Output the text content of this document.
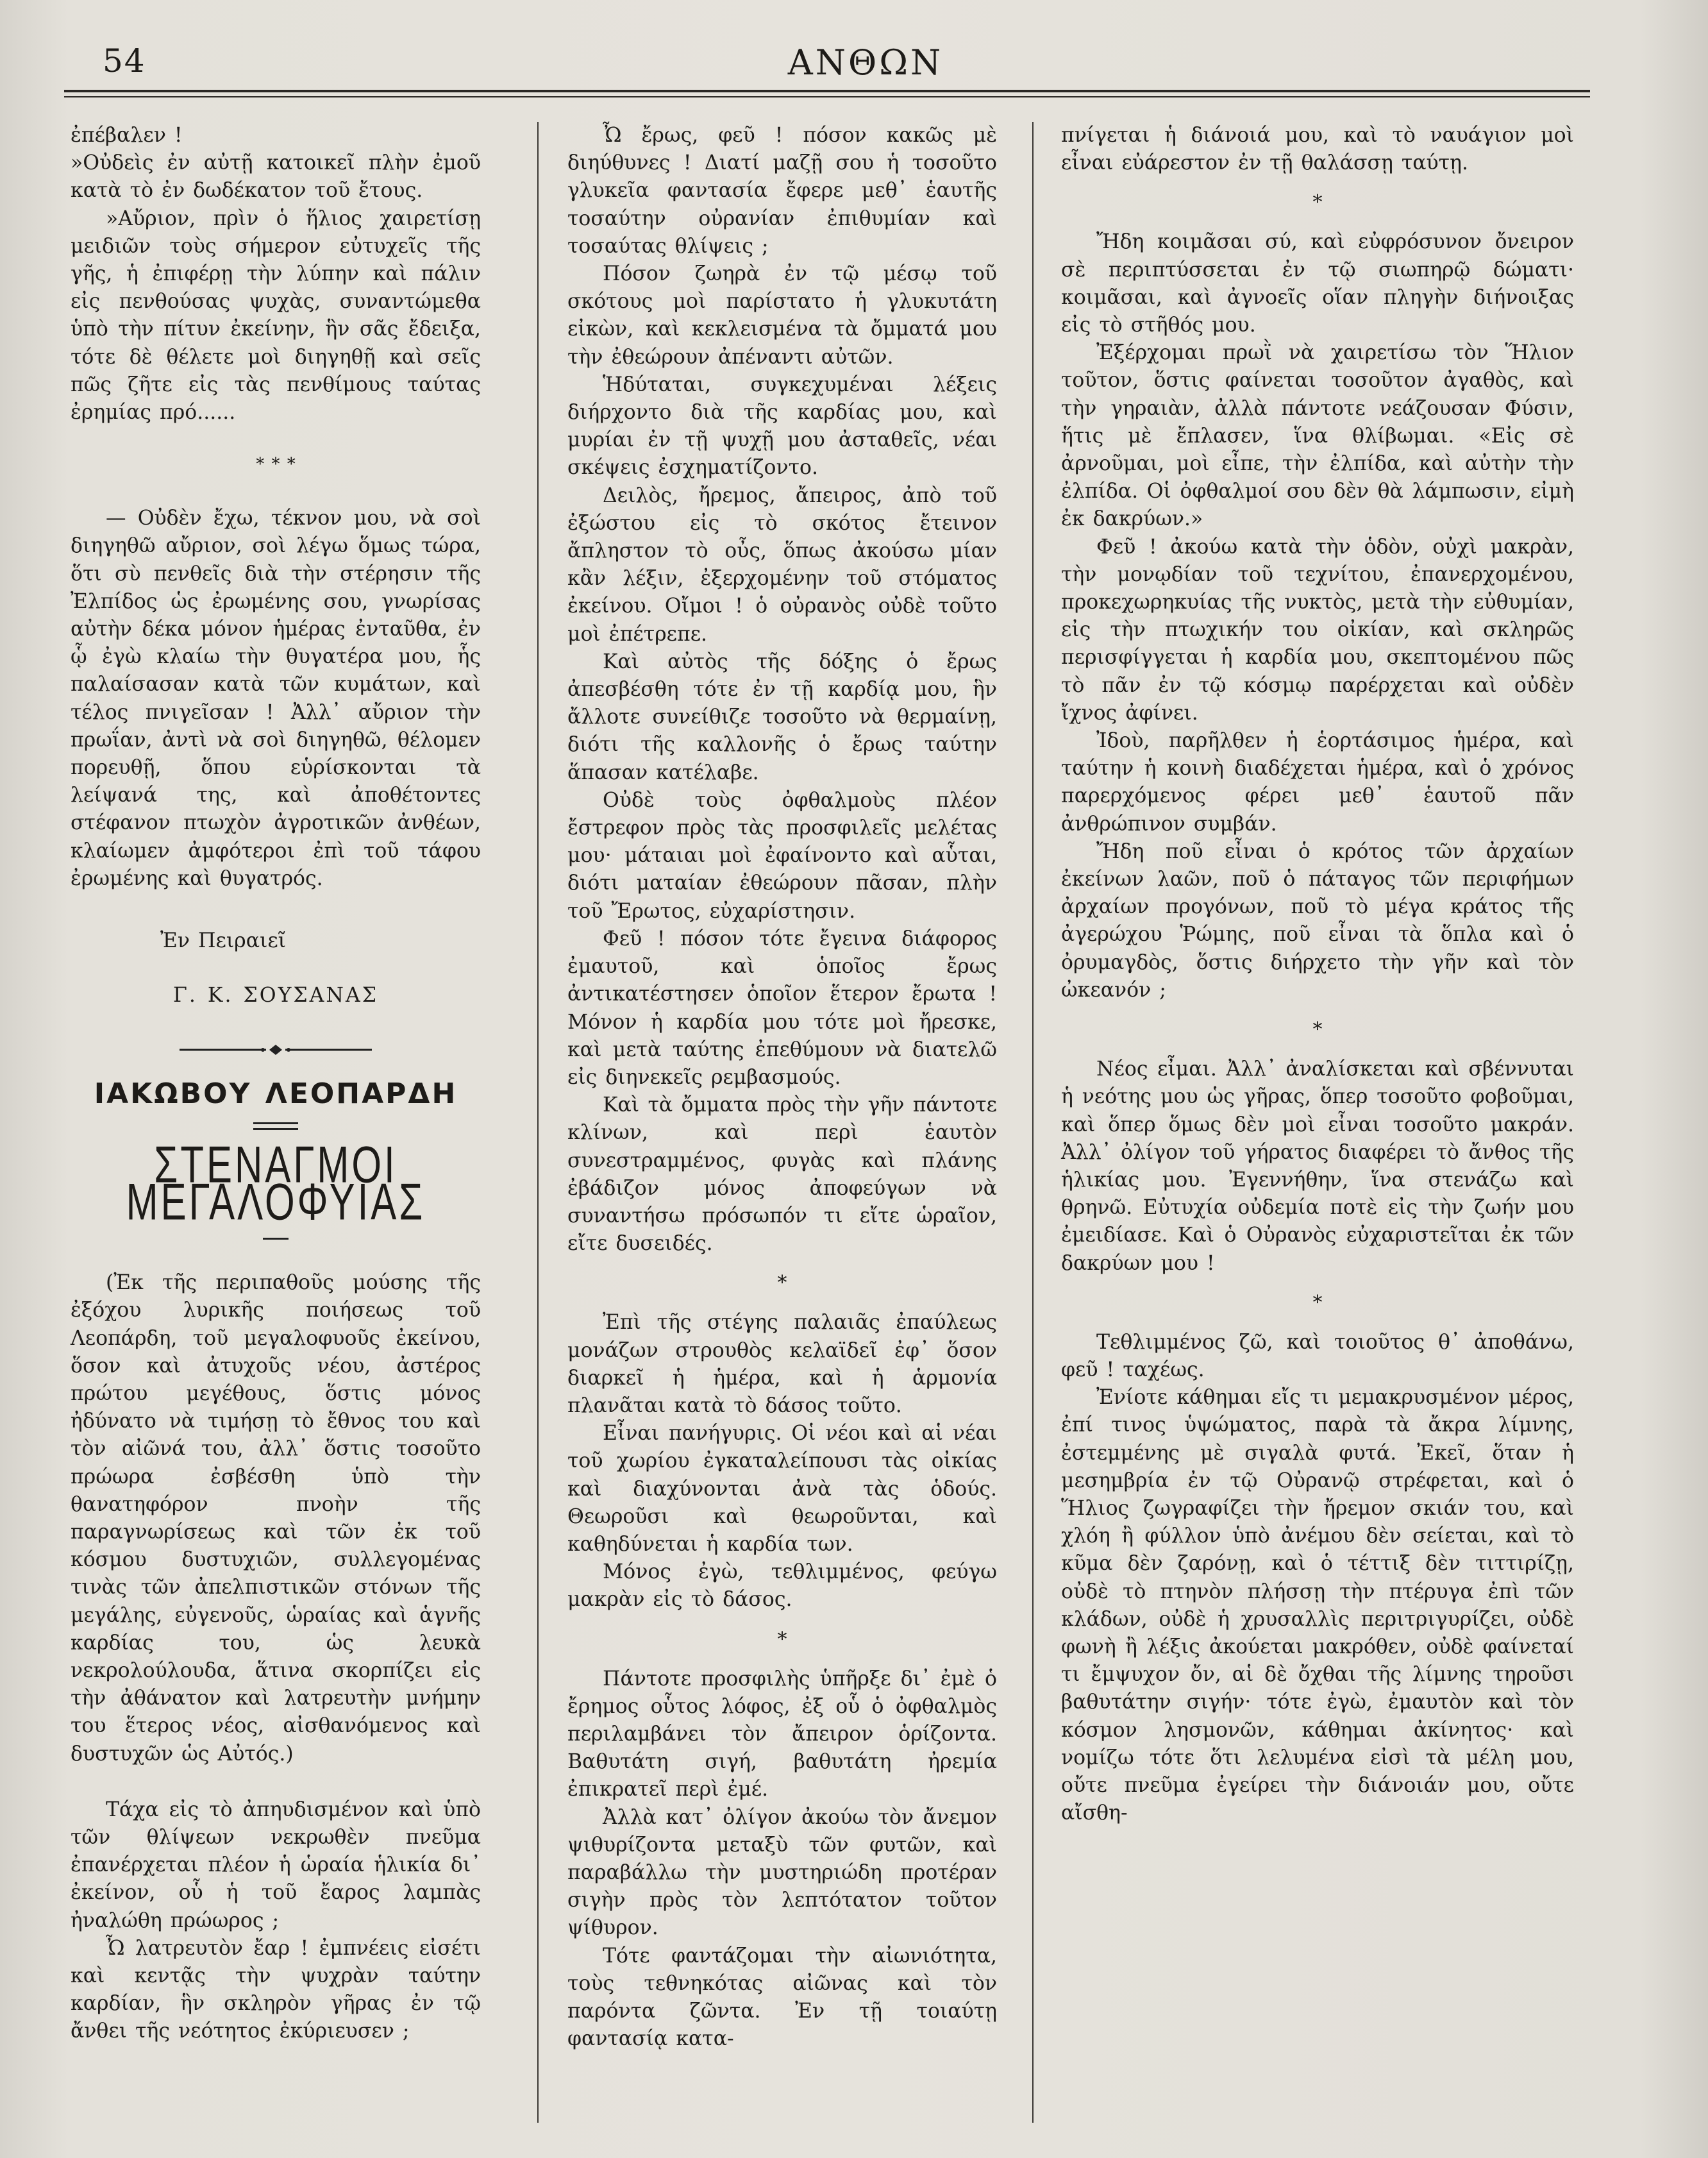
54	ΑΝΘΩΝ

ἐπέβαλεν !

»Οὐδεὶς ἐν αὐτῇ κατοικεῖ πλὴν ἐμοῦ κατὰ τὸ ἐν δωδέκατον τοῦ ἔτους.

»Αὔριον, πρὶν ὁ ἥλιος χαιρετίσῃ μειδιῶν τοὺς σήμερον εὐτυχεῖς τῆς γῆς, ἡ ἐπιφέρῃ τὴν λύπην καὶ πάλιν εἰς πενθούσας ψυχὰς, συναντώμεθα ὑπὸ τὴν πίτυν ἐκείνην, ἣν σᾶς ἔδειξα, τότε δὲ θέλετε μοὶ διηγηθῇ καὶ σεῖς πῶς ζῆτε εἰς τὰς πενθίμους ταύτας ἐρημίας πρό......

* * *

— Οὐδὲν ἔχω, τέκνον μου, νὰ σοὶ διηγηθῶ αὔριον, σοὶ λέγω ὅμως τώρα, ὅτι σὺ πενθεῖς διὰ τὴν στέρησιν τῆς Ἐλπίδος ὡς ἐρωμένης σου, γνωρίσας αὐτὴν δέκα μόνον ἡμέρας ἐνταῦθα, ἐν ᾧ ἐγὼ κλαίω τὴν θυγατέρα μου, ἧς παλαίσασαν κατὰ τῶν κυμάτων, καὶ τέλος πνιγεῖσαν ! Ἀλλ᾽ αὔριον τὴν πρωΐαν, ἀντὶ νὰ σοὶ διηγηθῶ, θέλομεν πορευθῇ, ὅπου εὑρίσκονται τὰ λείψανά της, καὶ ἀποθέτοντες στέφανον πτωχὸν ἀγροτικῶν ἀνθέων, κλαίωμεν ἀμφότεροι ἐπὶ τοῦ τάφου ἐρωμένης καὶ θυγατρός.

Ἐν Πειραιεῖ

Γ. Κ. ΣΟΥΣΑΝΑΣ

ΙΑΚΩΒΟΥ ΛΕΟΠΑΡΔΗ
ΣΤΕΝΑΓΜΟΙ ΜΕΓΑΛΟΦΥΙΑΣ

(Ἐκ τῆς περιπαθοῦς μούσης τῆς ἐξόχου λυρικῆς ποιήσεως τοῦ Λεοπάρδη, τοῦ μεγαλοφυοῦς ἐκείνου, ὅσον καὶ ἀτυχοῦς νέου, ἀστέρος πρώτου μεγέθους, ὅστις μόνος ἠδύνατο νὰ τιμήσῃ τὸ ἔθνος του καὶ τὸν αἰῶνά του, ἀλλ᾽ ὅστις τοσοῦτο πρώωρα ἐσβέσθη ὑπὸ τὴν θανατηφόρον πνοὴν τῆς παραγνωρίσεως καὶ τῶν ἐκ τοῦ κόσμου δυστυχιῶν, συλλεγομένας τινὰς τῶν ἀπελπιστικῶν στόνων τῆς μεγάλης, εὐγενοῦς, ὡραίας καὶ ἁγνῆς καρδίας του, ὡς λευκὰ νεκρολούλουδα, ἅτινα σκορπίζει εἰς τὴν ἀθάνατον καὶ λατρευτὴν μνήμην του ἕτερος νέος, αἰσθανόμενος καὶ δυστυχῶν ὡς Αὐτός.)

Τάχα εἰς τὸ ἀπηυδισμένον καὶ ὑπὸ τῶν θλίψεων νεκρωθὲν πνεῦμα ἐπανέρχεται πλέον ἡ ὡραία ἡλικία δι᾽ ἐκείνον, οὗ ἡ τοῦ ἔαρος λαμπὰς ἠναλώθη πρώωρος ;

Ὦ λατρευτὸν ἔαρ ! ἐμπνέεις εἰσέτι καὶ κεντᾷς τὴν ψυχρὰν ταύτην καρδίαν, ἣν σκληρὸν γῆρας ἐν τῷ ἄνθει τῆς νεότητος ἐκύριευσεν ;

Ὦ ἔρως, φεῦ ! πόσον κακῶς μὲ διηύθυνες ! Διατί μαζῇ σου ἡ τοσοῦτο γλυκεῖα φαντασία ἔφερε μεθ᾽ ἑαυτῆς τοσαύτην οὐρανίαν ἐπιθυμίαν καὶ τοσαύτας θλίψεις ;

Πόσον ζωηρὰ ἐν τῷ μέσῳ τοῦ σκότους μοὶ παρίστατο ἡ γλυκυτάτη εἰκὼν, καὶ κεκλεισμένα τὰ ὄμματά μου τὴν ἐθεώρουν ἀπέναντι αὐτῶν.

Ἡδύταται, συγκεχυμέναι λέξεις διήρχοντο διὰ τῆς καρδίας μου, καὶ μυρίαι ἐν τῇ ψυχῇ μου ἀσταθεῖς, νέαι σκέψεις ἐσχηματίζοντο.

Δειλὸς, ἤρεμος, ἄπειρος, ἀπὸ τοῦ ἐξώστου εἰς τὸ σκότος ἔτεινον ἄπληστον τὸ οὖς, ὅπως ἀκούσω μίαν κἂν λέξιν, ἐξερχομένην τοῦ στόματος ἐκείνου. Οἴμοι ! ὁ οὐρανὸς οὐδὲ τοῦτο μοὶ ἐπέτρεπε.

Καὶ αὐτὸς τῆς δόξης ὁ ἔρως ἀπεσβέσθη τότε ἐν τῇ καρδίᾳ μου, ἣν ἄλλοτε συνείθιζε τοσοῦτο νὰ θερμαίνῃ, διότι τῆς καλλονῆς ὁ ἔρως ταύτην ἅπασαν κατέλαβε.

Οὐδὲ τοὺς ὀφθαλμοὺς πλέον ἔστρεφον πρὸς τὰς προσφιλεῖς μελέτας μου· μάταιαι μοὶ ἐφαίνοντο καὶ αὗται, διότι ματαίαν ἐθεώρουν πᾶσαν, πλὴν τοῦ Ἔρωτος, εὐχαρίστησιν.

Φεῦ ! πόσον τότε ἔγεινα διάφορος ἐμαυτοῦ, καὶ ὁποῖος ἔρως ἀντικατέστησεν ὁποῖον ἕτερον ἔρωτα ! Μόνον ἡ καρδία μου τότε μοὶ ἤρεσκε, καὶ μετὰ ταύτης ἐπεθύμουν νὰ διατελῶ εἰς διηνεκεῖς ρεμβασμούς.

Καὶ τὰ ὄμματα πρὸς τὴν γῆν πάντοτε κλίνων, καὶ περὶ ἑαυτὸν συνεστραμμένος, φυγὰς καὶ πλάνης ἐβάδιζον μόνος ἀποφεύγων νὰ συναντήσω πρόσωπόν τι εἴτε ὡραῖον, εἴτε δυσειδές.

*

Ἐπὶ τῆς στέγης παλαιᾶς ἐπαύλεως μονάζων στρουθὸς κελαϊδεῖ ἐφ᾽ ὅσον διαρκεῖ ἡ ἡμέρα, καὶ ἡ ἁρμονία πλανᾶται κατὰ τὸ δάσος τοῦτο.

Εἶναι πανήγυρις. Οἱ νέοι καὶ αἱ νέαι τοῦ χωρίου ἐγκαταλείπουσι τὰς οἰκίας καὶ διαχύνονται ἀνὰ τὰς ὁδούς. Θεωροῦσι καὶ θεωροῦνται, καὶ καθηδύνεται ἡ καρδία των.

Μόνος ἐγὼ, τεθλιμμένος, φεύγω μακρὰν εἰς τὸ δάσος.

*

Πάντοτε προσφιλὴς ὑπῆρξε δι᾽ ἐμὲ ὁ ἔρημος οὗτος λόφος, ἐξ οὗ ὁ ὀφθαλμὸς περιλαμβάνει τὸν ἄπειρον ὁρίζοντα. Βαθυτάτη σιγή, βαθυτάτη ἠρεμία ἐπικρατεῖ περὶ ἐμέ.

Ἀλλὰ κατ᾽ ὀλίγον ἀκούω τὸν ἄνεμον ψιθυρίζοντα μεταξὺ τῶν φυτῶν, καὶ παραβάλλω τὴν μυστηριώδη προτέραν σιγὴν πρὸς τὸν λεπτότατον τοῦτον ψίθυρον.

Τότε φαντάζομαι τὴν αἰωνιότητα, τοὺς τεθνηκότας αἰῶνας καὶ τὸν παρόντα ζῶντα. Ἐν τῇ τοιαύτῃ φαντασίᾳ κατα-

πνίγεται ἡ διάνοιά μου, καὶ τὸ ναυάγιον μοὶ εἶναι εὐάρεστον ἐν τῇ θαλάσσῃ ταύτῃ.

*

Ἤδη κοιμᾶσαι σύ, καὶ εὐφρόσυνον ὄνειρον σὲ περιπτύσσεται ἐν τῷ σιωπηρῷ δώματι· κοιμᾶσαι, καὶ ἀγνοεῖς οἵαν πληγὴν διήνοιξας εἰς τὸ στῆθός μου.

Ἐξέρχομαι πρωῒ νὰ χαιρετίσω τὸν Ἥλιον τοῦτον, ὅστις φαίνεται τοσοῦτον ἀγαθὸς, καὶ τὴν γηραιὰν, ἀλλὰ πάντοτε νεάζουσαν Φύσιν, ἥτις μὲ ἔπλασεν, ἵνα θλίβωμαι. «Εἰς σὲ ἀρνοῦμαι, μοὶ εἶπε, τὴν ἐλπίδα, καὶ αὐτὴν τὴν ἐλπίδα. Οἱ ὀφθαλμοί σου δὲν θὰ λάμπωσιν, εἰμὴ ἐκ δακρύων.»

Φεῦ ! ἀκούω κατὰ τὴν ὁδὸν, οὐχὶ μακρὰν, τὴν μονῳδίαν τοῦ τεχνίτου, ἐπανερχομένου, προκεχωρηκυίας τῆς νυκτὸς, μετὰ τὴν εὐθυμίαν, εἰς τὴν πτωχικήν του οἰκίαν, καὶ σκληρῶς περισφίγγεται ἡ καρδία μου, σκεπτομένου πῶς τὸ πᾶν ἐν τῷ κόσμῳ παρέρχεται καὶ οὐδὲν ἴχνος ἀφίνει.

Ἰδοὺ, παρῆλθεν ἡ ἑορτάσιμος ἡμέρα, καὶ ταύτην ἡ κοινὴ διαδέχεται ἡμέρα, καὶ ὁ χρόνος παρερχόμενος φέρει μεθ᾽ ἑαυτοῦ πᾶν ἀνθρώπινον συμβάν.

Ἤδη ποῦ εἶναι ὁ κρότος τῶν ἀρχαίων ἐκείνων λαῶν, ποῦ ὁ πάταγος τῶν περιφήμων ἀρχαίων προγόνων, ποῦ τὸ μέγα κράτος τῆς ἀγερώχου Ῥώμης, ποῦ εἶναι τὰ ὅπλα καὶ ὁ ὀρυμαγδὸς, ὅστις διήρχετο τὴν γῆν καὶ τὸν ὠκεανόν ;

*

Νέος εἶμαι. Ἀλλ᾽ ἀναλίσκεται καὶ σβέννυται ἡ νεότης μου ὡς γῆρας, ὅπερ τοσοῦτο φοβοῦμαι, καὶ ὅπερ ὅμως δὲν μοὶ εἶναι τοσοῦτο μακράν. Ἀλλ᾽ ὀλίγον τοῦ γήρατος διαφέρει τὸ ἄνθος τῆς ἡλικίας μου. Ἐγεννήθην, ἵνα στενάζω καὶ θρηνῶ. Εὐτυχία οὐδεμία ποτὲ εἰς τὴν ζωήν μου ἐμειδίασε. Καὶ ὁ Οὐρανὸς εὐχαριστεῖται ἐκ τῶν δακρύων μου !

*

Τεθλιμμένος ζῶ, καὶ τοιοῦτος θ᾽ ἀποθάνω, φεῦ ! ταχέως.

Ἐνίοτε κάθημαι εἴς τι μεμακρυσμένον μέρος, ἐπί τινος ὑψώματος, παρὰ τὰ ἄκρα λίμνης, ἐστεμμένης μὲ σιγαλὰ φυτά. Ἐκεῖ, ὅταν ἡ μεσημβρία ἐν τῷ Οὐρανῷ στρέφεται, καὶ ὁ Ἥλιος ζωγραφίζει τὴν ἤρεμον σκιάν του, καὶ χλόη ἢ φύλλον ὑπὸ ἀνέμου δὲν σείεται, καὶ τὸ κῦμα δὲν ζαρόνῃ, καὶ ὁ τέττιξ δὲν τιττιρίζῃ, οὐδὲ τὸ πτηνὸν πλήσσῃ τὴν πτέρυγα ἐπὶ τῶν κλάδων, οὐδὲ ἡ χρυσαλλὶς περιτριγυρίζει, οὐδὲ φωνὴ ἢ λέξις ἀκούεται μακρόθεν, οὐδὲ φαίνεταί τι ἔμψυχον ὄν, αἱ δὲ ὄχθαι τῆς λίμνης τηροῦσι βαθυτάτην σιγήν· τότε ἐγὼ, ἐμαυτὸν καὶ τὸν κόσμον λησμονῶν, κάθημαι ἀκίνητος· καὶ νομίζω τότε ὅτι λελυμένα εἰσὶ τὰ μέλη μου, οὔτε πνεῦμα ἐγείρει τὴν διάνοιάν μου, οὔτε αἴσθη-
